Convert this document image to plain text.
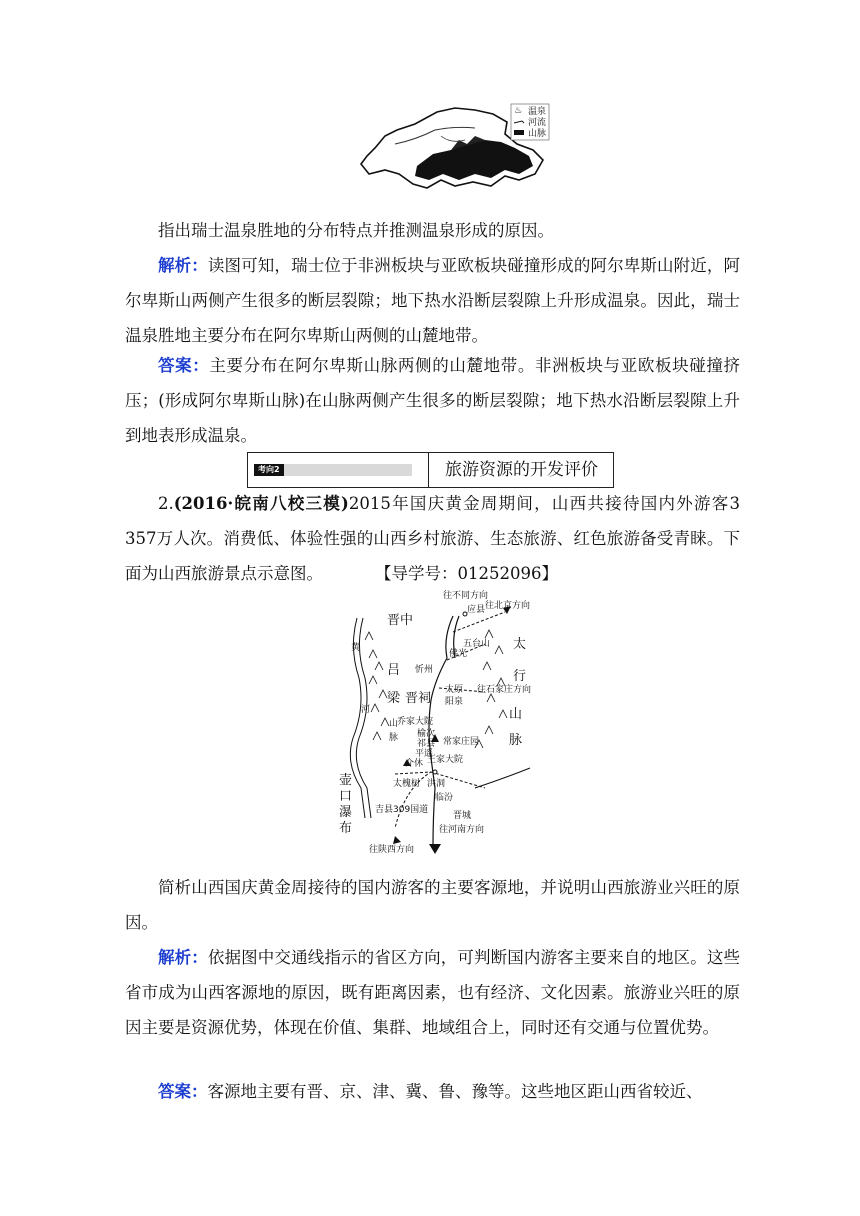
♨ 温泉
河流
山脉

指出瑞士温泉胜地的分布特点并推测温泉形成的原因。

解析：读图可知，瑞士位于非洲板块与亚欧板块碰撞形成的阿尔卑斯山附近，阿尔卑斯山两侧产生很多的断层裂隙；地下热水沿断层裂隙上升形成温泉。因此，瑞士温泉胜地主要分布在阿尔卑斯山两侧的山麓地带。

答案：主要分布在阿尔卑斯山脉两侧的山麓地带。非洲板块与亚欧板块碰撞挤压；(形成阿尔卑斯山脉)在山脉两侧产生很多的断层裂隙；地下热水沿断层裂隙上升到地表形成温泉。

考向2	旅游资源的开发评价

2.(2016·皖南八校三模)2015年国庆黄金周期间，山西共接待国内外游客3 357万人次。消费低、体验性强的山西乡村旅游、生态旅游、红色旅游备受青睐。下面为山西旅游景点示意图。	【导学号：01252096】

往不同方向
应县 往北京方向
晋中
五台山
佛光
忻州
黄
吕
梁
山
脉
河
晋祠
太原
阳泉
往石家庄方向
太
行
山
脉
乔家大院
榆次
祁县
平遥
介休
常家庄园
王家大院
壶
口
瀑
布
太槐树 洪洞
临汾
吉县309国道
晋城
往陕西方向
往河南方向

简析山西国庆黄金周接待的国内游客的主要客源地，并说明山西旅游业兴旺的原因。

解析：依据图中交通线指示的省区方向，可判断国内游客主要来自的地区。这些省市成为山西客源地的原因，既有距离因素，也有经济、文化因素。旅游业兴旺的原因主要是资源优势，体现在价值、集群、地域组合上，同时还有交通与位置优势。

答案：客源地主要有晋、京、津、冀、鲁、豫等。这些地区距山西省较近、
